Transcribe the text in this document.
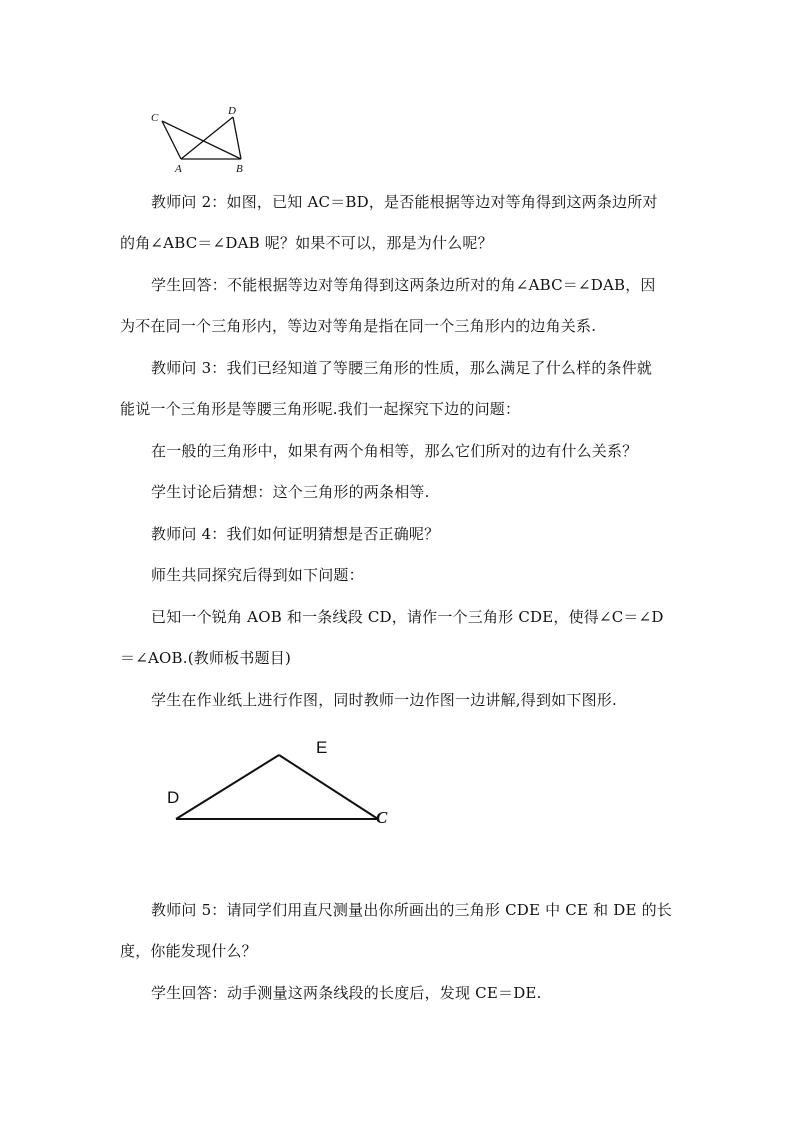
C
D
A	B
教师问 2：如图，已知 AC＝BD，是否能根据等边对等角得到这两条边所对
的角∠ABC＝∠DAB 呢？如果不可以，那是为什么呢？
学生回答：不能根据等边对等角得到这两条边所对的角∠ABC＝∠DAB，因
为不在同一个三角形内，等边对等角是指在同一个三角形内的边角关系.
教师问 3：我们已经知道了等腰三角形的性质，那么满足了什么样的条件就
能说一个三角形是等腰三角形呢.我们一起探究下边的问题：
在一般的三角形中，如果有两个角相等，那么它们所对的边有什么关系？
学生讨论后猜想：这个三角形的两条相等.
教师问 4：我们如何证明猜想是否正确呢？
师生共同探究后得到如下问题：
已知一个锐角 AOB 和一条线段 CD，请作一个三角形 CDE，使得∠C＝∠D
＝∠AOB.(教师板书题目)
学生在作业纸上进行作图，同时教师一边作图一边讲解,得到如下图形.
E
D
C
教师问 5：请同学们用直尺测量出你所画出的三角形 CDE 中 CE 和 DE 的长
度，你能发现什么？
学生回答：动手测量这两条线段的长度后，发现 CE＝DE.
